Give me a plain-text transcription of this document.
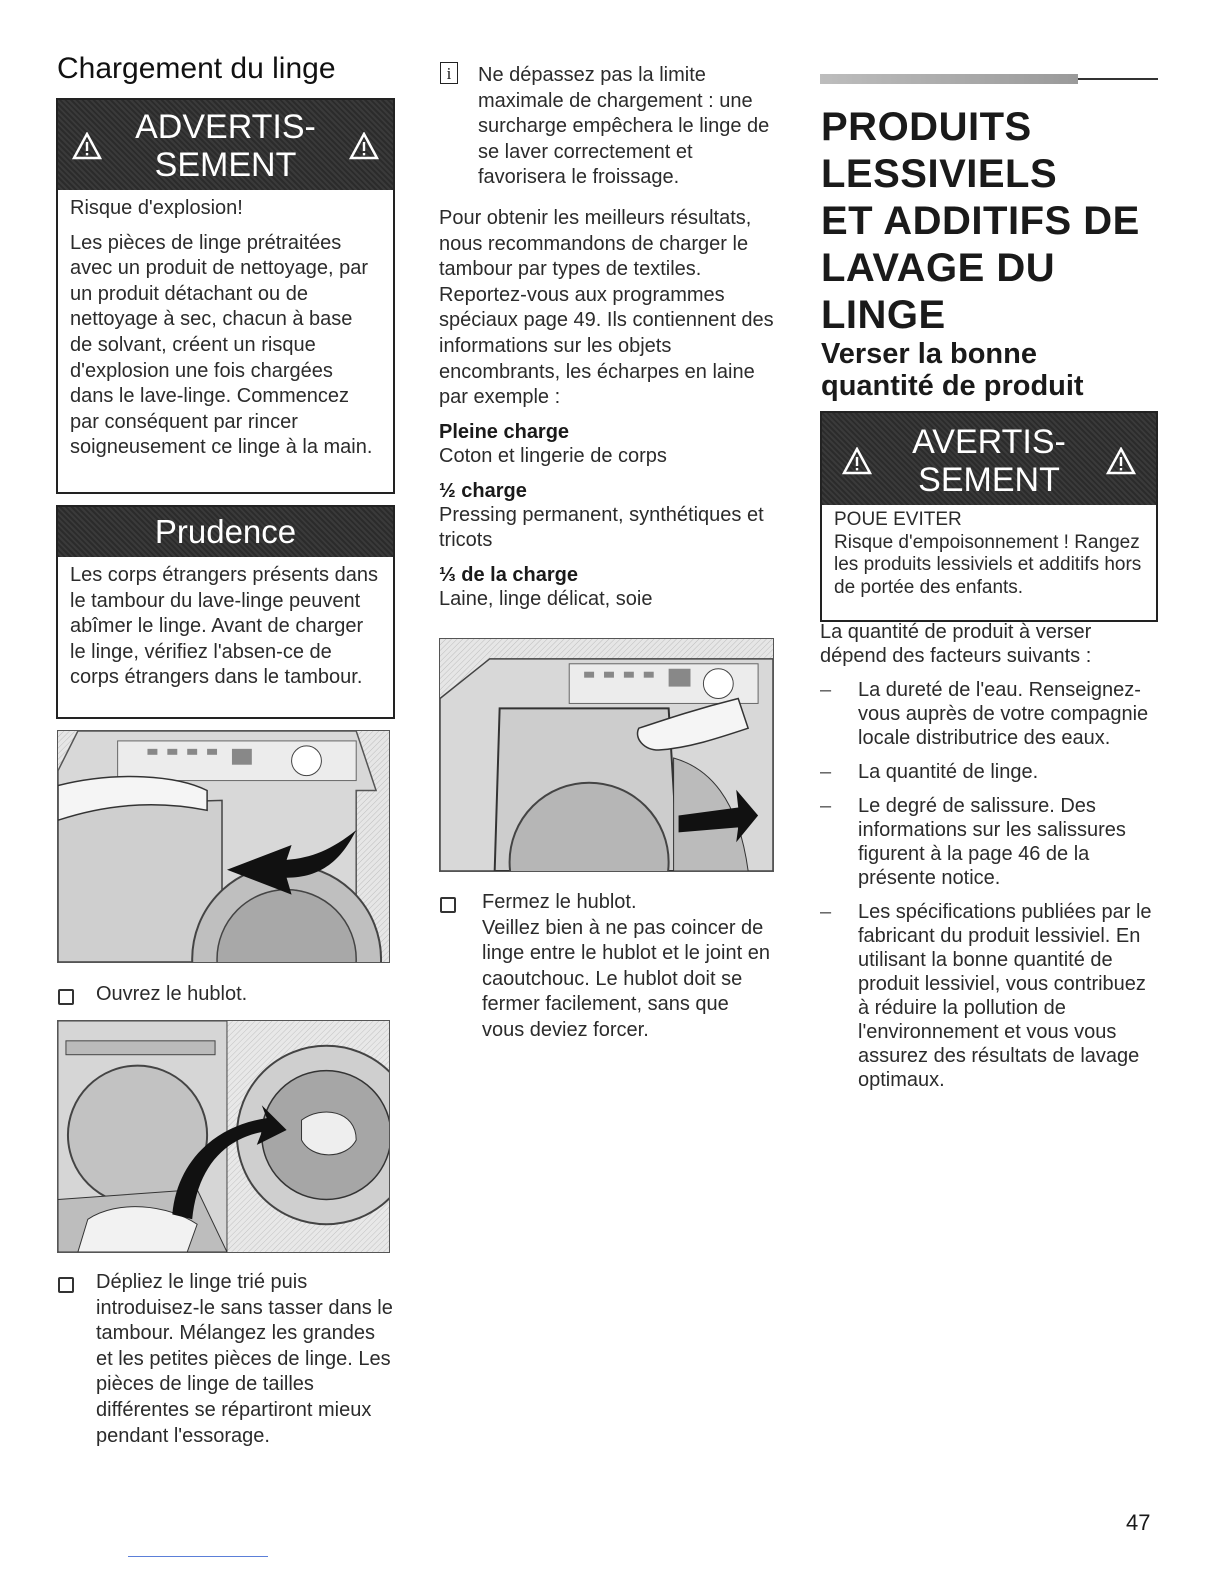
Chargement du linge
ADVERTIS-
SEMENT

Risque d'explosion!

Les pièces de linge prétraitées avec un produit de nettoyage, par un produit détachant ou de nettoyage à sec, chacun à base de solvant, créent un risque d'explosion une fois chargées dans le lave-linge. Commencez par conséquent par rincer soigneusement ce linge à la main.

Prudence

Les corps étrangers présents dans le tambour du lave-linge peuvent abîmer le linge. Avant de charger le linge, vérifiez l'absen-ce de corps étrangers dans le tambour.

Ouvrez le hublot.
Dépliez le linge trié puis introduisez-le sans tasser dans le tambour. Mélangez les grandes et les petites pièces de linge. Les pièces de linge de tailles différentes se répartiront mieux pendant l'essorage.
i	Ne dépassez pas la limite maximale de chargement : une surcharge empêchera le linge de se laver correctement et favorisera le froissage.
Pour obtenir les meilleurs résultats, nous recommandons de charger le tambour par types de textiles. Reportez-vous aux programmes spéciaux page 49. Ils contiennent des informations sur les objets encombrants, les écharpes en laine par exemple :
Pleine charge
Coton et lingerie de corps
½ charge
Pressing permanent, synthétiques et tricots
⅓ de la charge
Laine, linge délicat, soie
Fermez le hublot.
Veillez bien à ne pas coincer de linge entre le hublot et le joint en caoutchouc. Le hublot doit se fermer facilement, sans que vous deviez forcer.
PRODUITS
LESSIVIELS
ET ADDITIFS DE
LAVAGE DU
LINGE
Verser la bonne
quantité de produit
AVERTIS-
SEMENT
POUE EVITER
Risque d'empoisonnement ! Rangez les produits lessiviels et additifs hors de portée des enfants.
La quantité de produit à verser dépend des facteurs suivants :
–	La dureté de l'eau. Renseignez-vous auprès de votre compagnie locale distributrice des eaux.
–	La quantité de linge.
–	Le degré de salissure. Des informations sur les salissures figurent à la page 46 de la présente notice.
–	Les spécifications publiées par le fabricant du produit lessiviel. En utilisant la bonne quantité de produit lessiviel, vous contribuez à réduire la pollution de l'environnement et vous vous assurez des résultats de lavage optimaux.
47
